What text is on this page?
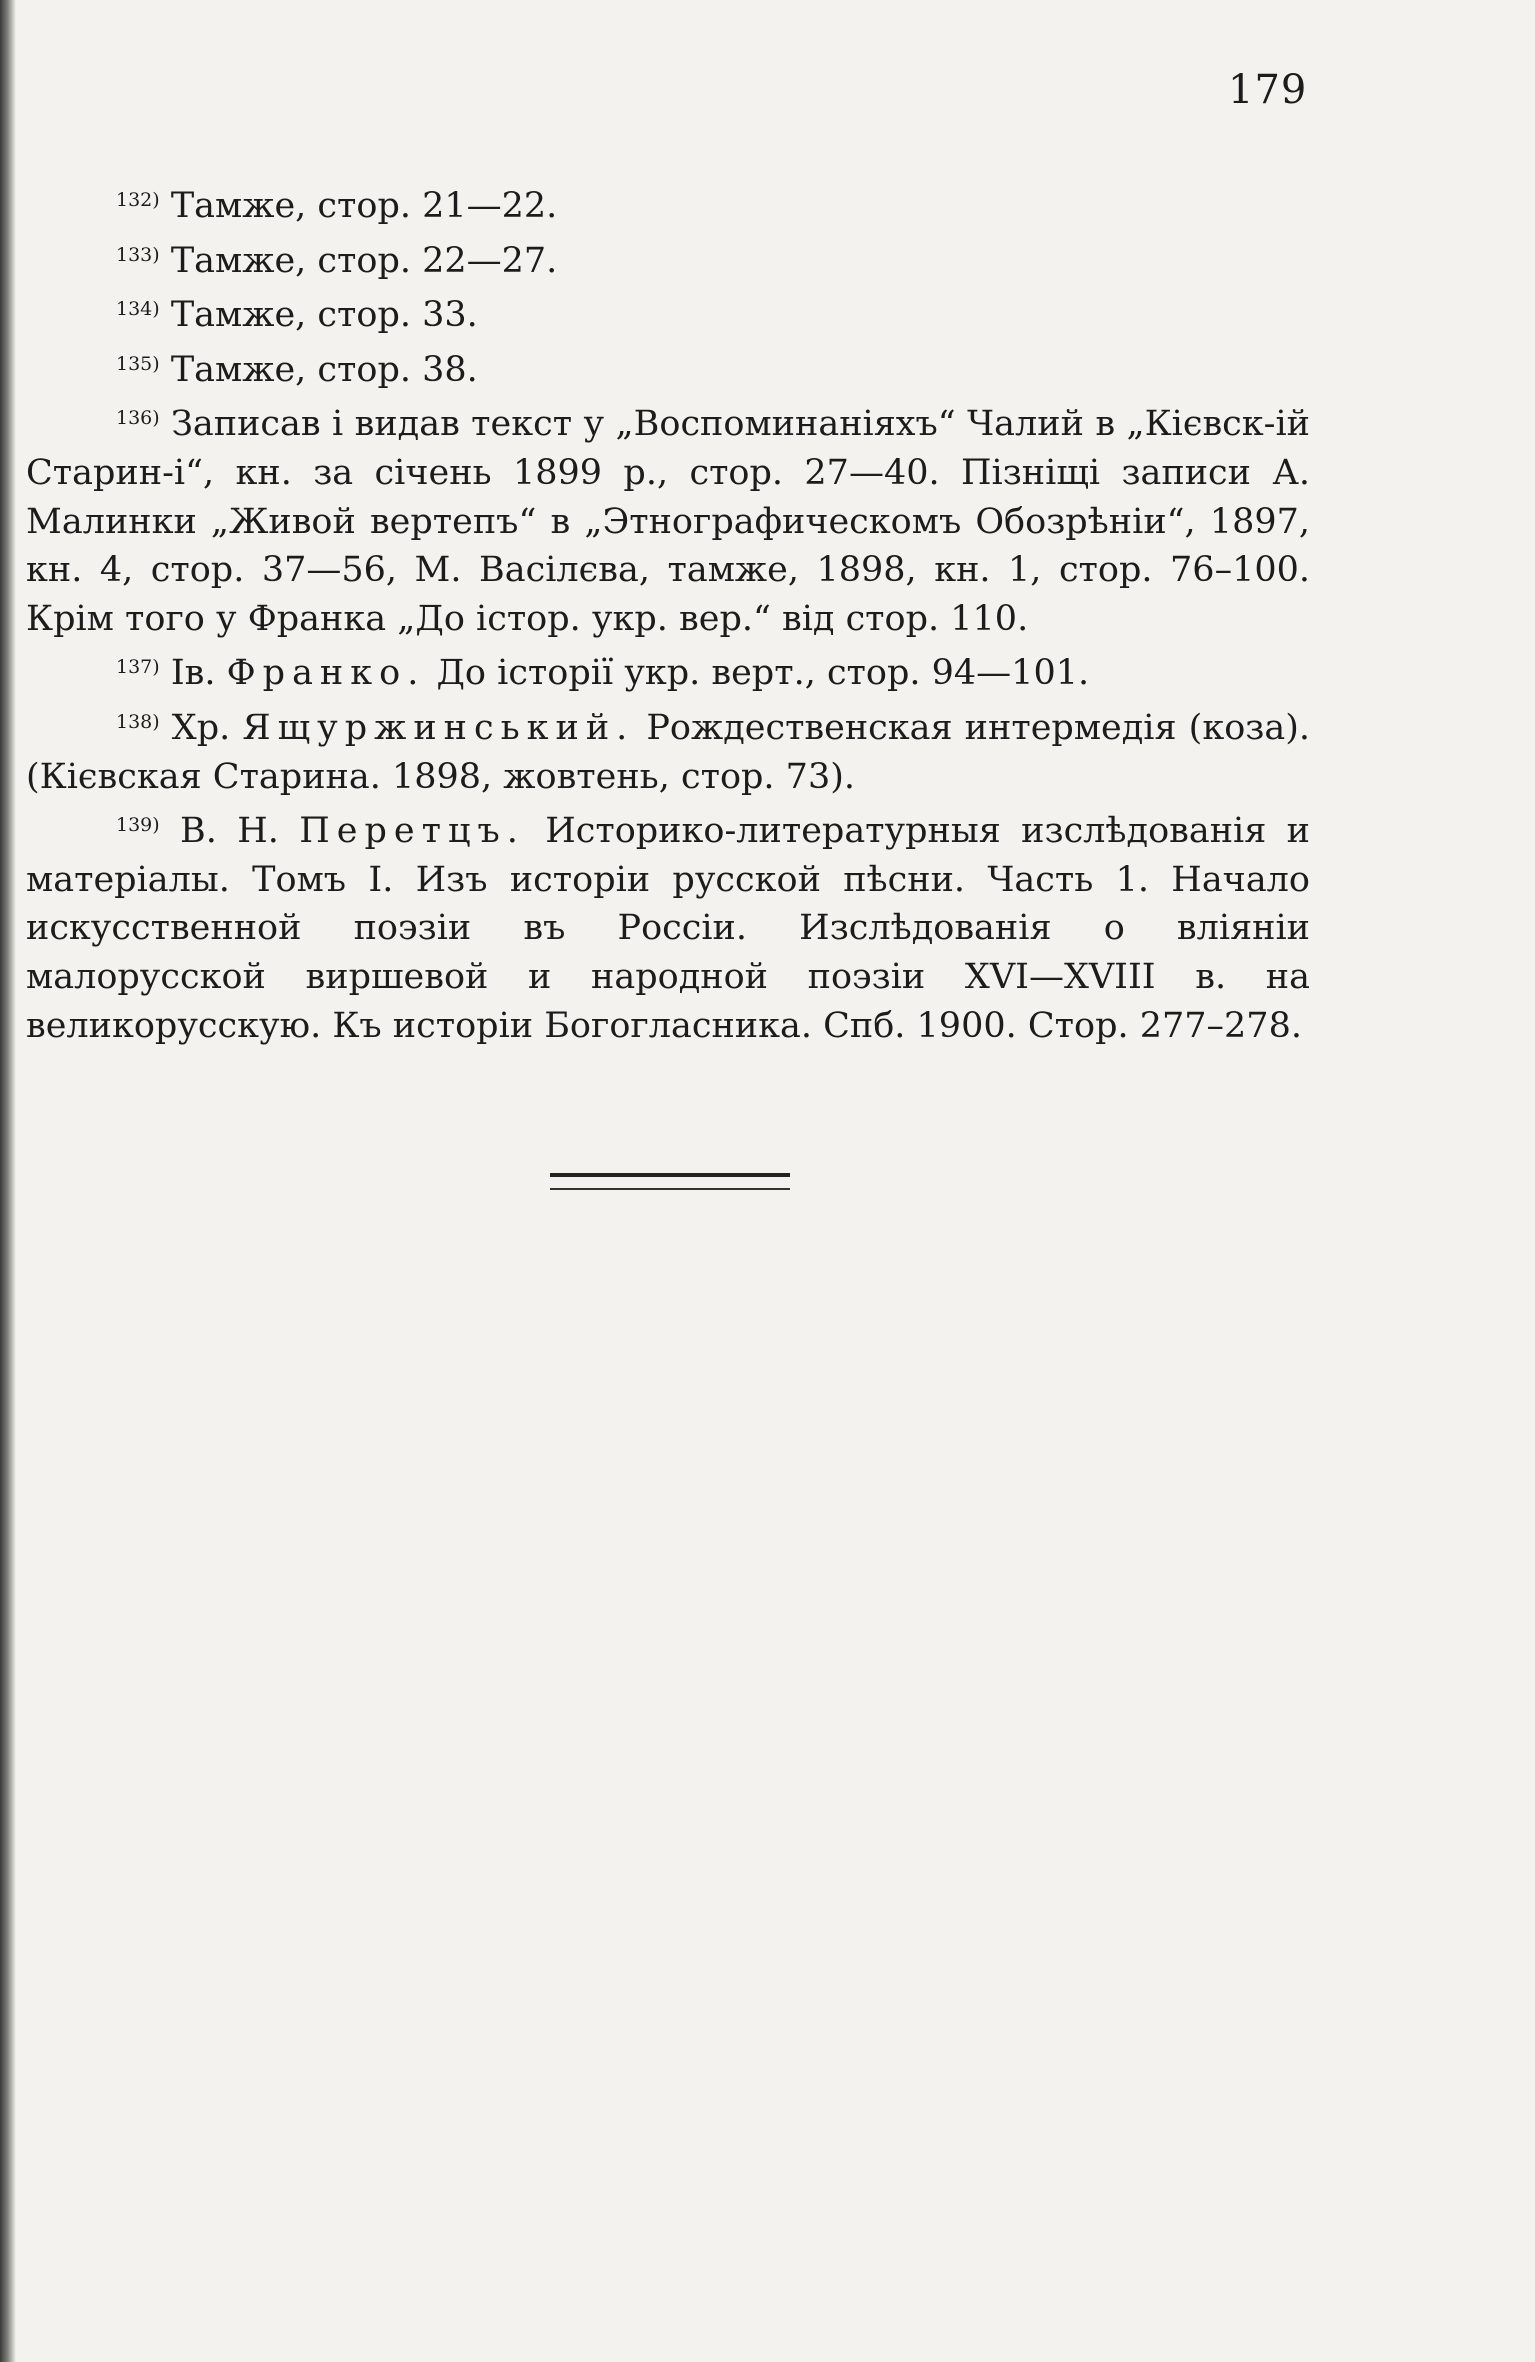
179

$^{132)}$ Тамже, стор. 21—22.

$^{133)}$ Тамже, стор. 22—27.

$^{134)}$ Тамже, стор. 33.

$^{135)}$ Тамже, стор. 38.

$^{136)}$ Записав і видав текст у „Воспоминаніяхъ“ Чалий в „Кієвск-ій Старин-і“, кн. за січень 1899 р., стор. 27—40. Пізніщі записи А. Малинки „Живой вертепъ“ в „Этнографическомъ Обозрѣніи“, 1897, кн. 4, стор. 37—56, М. Васілєва, тамже, 1898, кн. 1, стор. 76–100. Крім того у Франка „До істор. укр. вер.“ від стор. 110.

$^{137)}$ Ів. Франко. До історії укр. верт., стор. 94—101.

$^{138)}$ Хр. Ящуржинський. Рождественская интермедія (коза). (Кієвская Старина. 1898, жовтень, стор. 73).

$^{139)}$ В. Н. Перетцъ. Историко-литературныя изслѣдованія и матеріалы. Томъ I. Изъ исторіи русской пѣсни. Часть 1. Начало искусственной поэзіи въ Россіи. Изслѣдованія о вліяніи малорусской виршевой и народной поэзіи XVI—XVIII в. на великорусскую. Къ исторіи Богогласника. Спб. 1900. Стор. 277–278.
